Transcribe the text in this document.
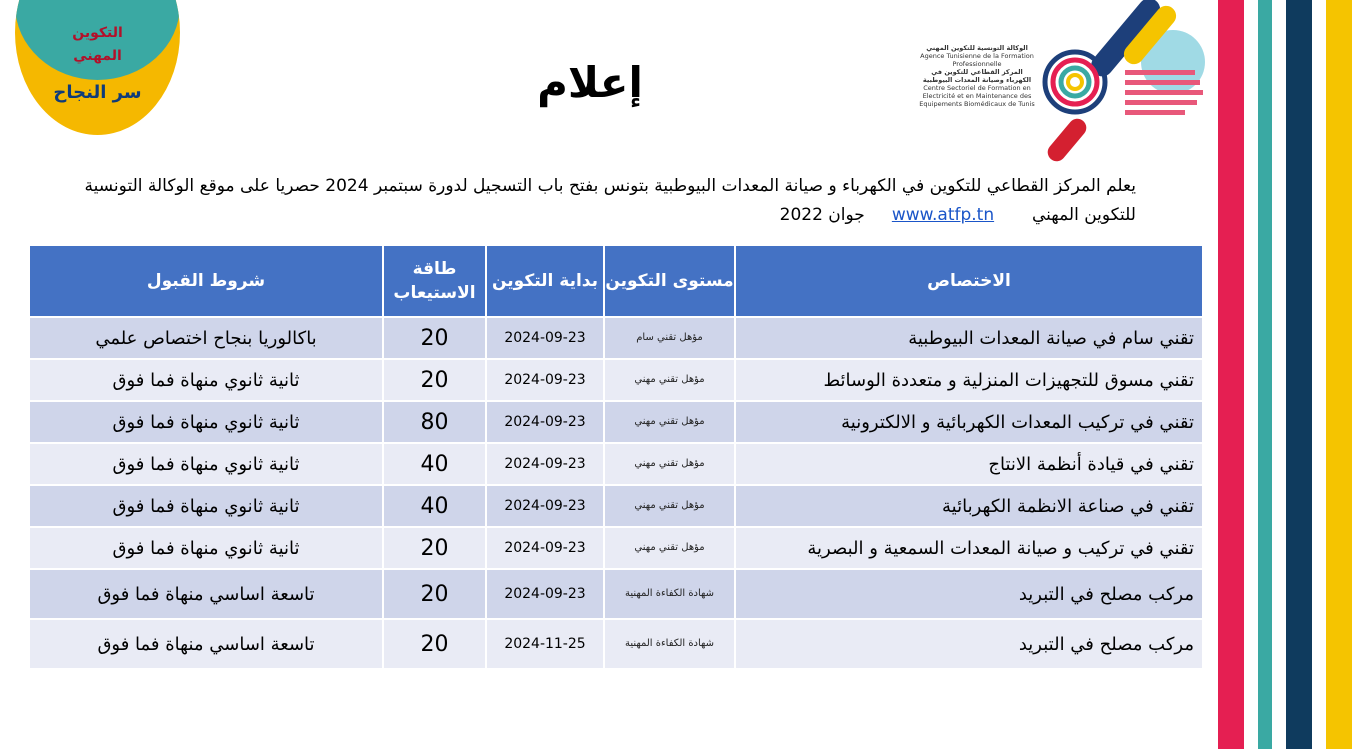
التكوين
المهني
سر النجاح	إعلام
الوكالة التونسية للتكوين المهني
Agence Tunisienne de la Formation Professionnelle
المركز القطاعي للتكوين في الكهرباء وصيانة المعدات البيوطبية
Centre Sectoriel de Formation en Electricité et en Maintenance des Equipements Biomédicaux de Tunis
يعلم المركز القطاعي للتكوين في الكهرباء و صيانة المعدات البيوطبية بتونس بفتح باب التسجيل لدورة سبتمبر 2024 حصريا على موقع الوكالة التونسية للتكوين المهني       www.atfp.tn     جوان 2022
الاختصاص	مستوى التكوين	بداية التكوين	طاقة الاستيعاب	شروط القبول
تقني سام في صيانة المعدات البيوطبية	مؤهل تقني سام	2024-09-23	20	باكالوريا بنجاح اختصاص علمي
تقني مسوق للتجهيزات المنزلية و متعددة الوسائط	مؤهل تقني مهني	2024-09-23	20	ثانية ثانوي منهاة فما فوق
تقني في تركيب المعدات الكهربائية و الالكترونية	مؤهل تقني مهني	2024-09-23	80	ثانية ثانوي منهاة فما فوق
تقني في قيادة أنظمة الانتاج	مؤهل تقني مهني	2024-09-23	40	ثانية ثانوي منهاة فما فوق
تقني في صناعة الانظمة الكهربائية	مؤهل تقني مهني	2024-09-23	40	ثانية ثانوي منهاة فما فوق
تقني في تركيب و صيانة المعدات السمعية و البصرية	مؤهل تقني مهني	2024-09-23	20	ثانية ثانوي منهاة فما فوق
مركب مصلح في التبريد	شهادة الكفاءة المهنية	2024-09-23	20	تاسعة اساسي منهاة فما فوق
مركب مصلح في التبريد	شهادة الكفاءة المهنية	2024-11-25	20	تاسعة اساسي منهاة فما فوق
